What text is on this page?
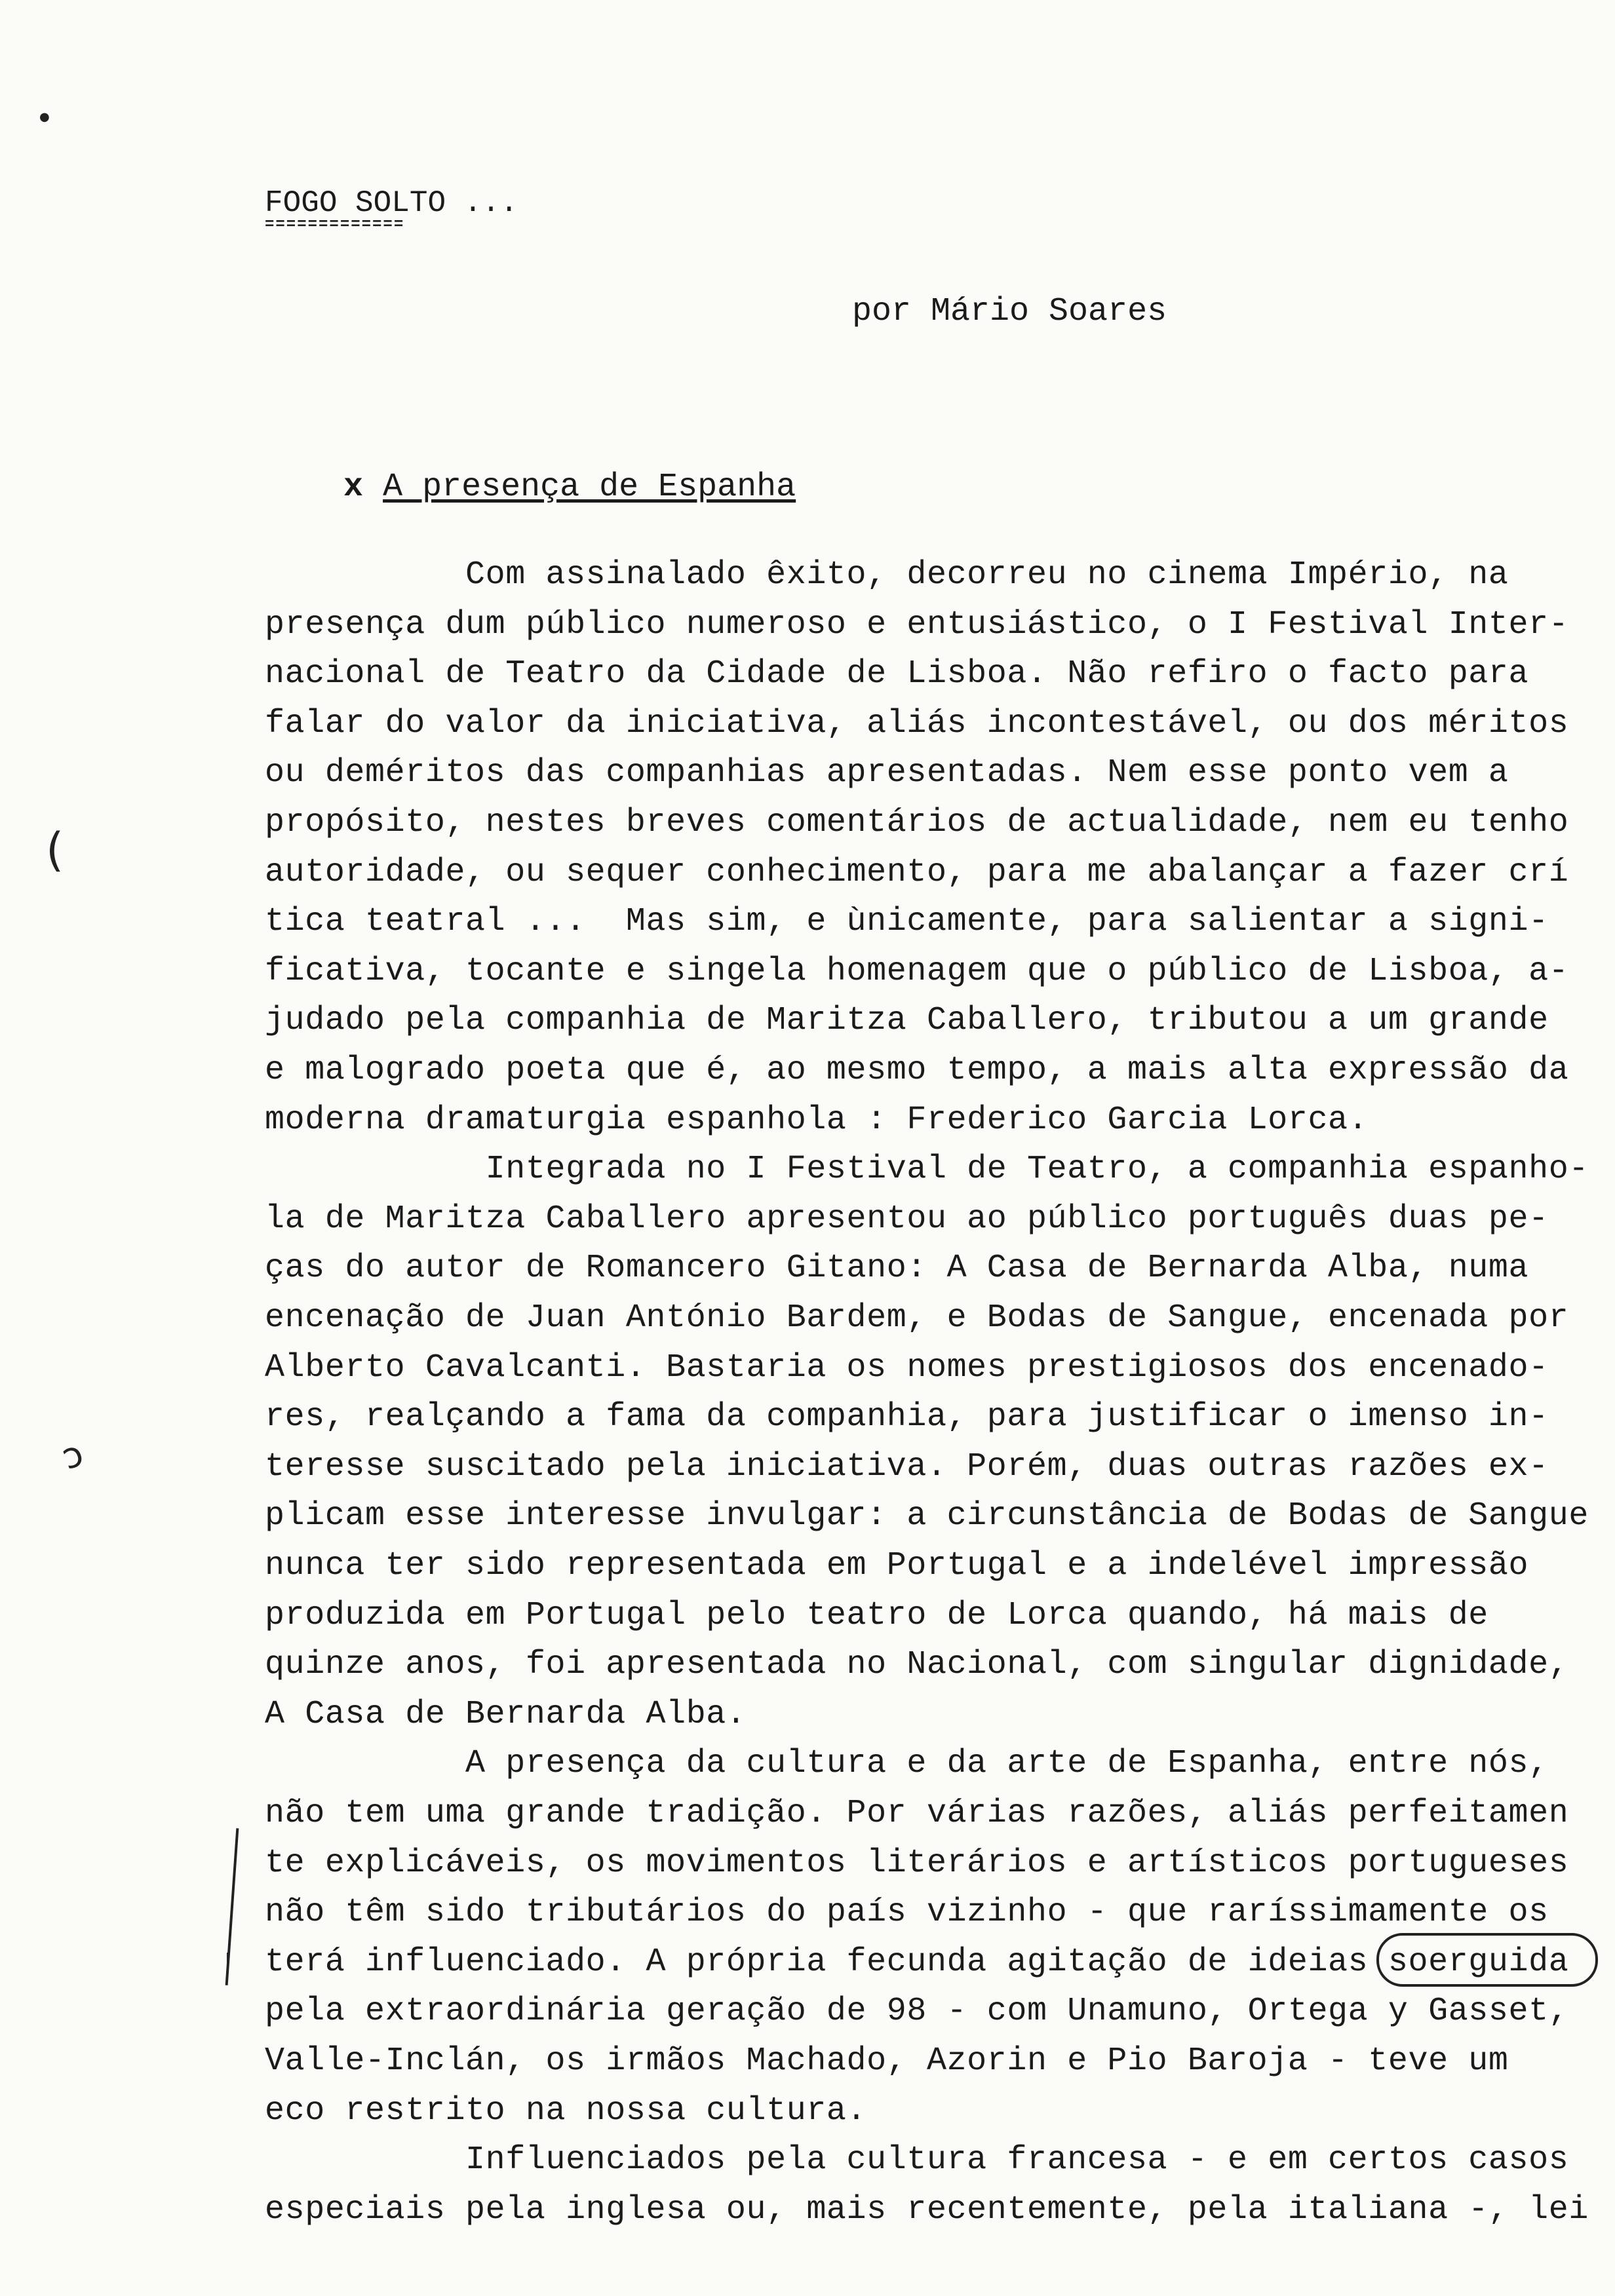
FOGO SOLTO ...
=============
por Mário Soares

x A presença de Espanha

Com assinalado êxito, decorreu no cinema Império, na
presença dum público numeroso e entusiástico, o I Festival Inter-
nacional de Teatro da Cidade de Lisboa. Não refiro o facto para
falar do valor da iniciativa, aliás incontestável, ou dos méritos
ou deméritos das companhias apresentadas. Nem esse ponto vem a
propósito, nestes breves comentários de actualidade, nem eu tenho
autoridade, ou sequer conhecimento, para me abalançar a fazer crí
tica teatral ...  Mas sim, e ùnicamente, para salientar a signi-
ficativa, tocante e singela homenagem que o público de Lisboa, a-
judado pela companhia de Maritza Caballero, tributou a um grande
e malogrado poeta que é, ao mesmo tempo, a mais alta expressão da
moderna dramaturgia espanhola : Frederico Garcia Lorca.
Integrada no I Festival de Teatro, a companhia espanho-
la de Maritza Caballero apresentou ao público português duas pe-
ças do autor de Romancero Gitano: A Casa de Bernarda Alba, numa
encenação de Juan António Bardem, e Bodas de Sangue, encenada por
Alberto Cavalcanti. Bastaria os nomes prestigiosos dos encenado-
res, realçando a fama da companhia, para justificar o imenso in-
teresse suscitado pela iniciativa. Porém, duas outras razões ex-
plicam esse interesse invulgar: a circunstância de Bodas de Sangue
nunca ter sido representada em Portugal e a indelével impressão
produzida em Portugal pelo teatro de Lorca quando, há mais de
quinze anos, foi apresentada no Nacional, com singular dignidade,
A Casa de Bernarda Alba.
A presença da cultura e da arte de Espanha, entre nós,
não tem uma grande tradição. Por várias razões, aliás perfeitamen
te explicáveis, os movimentos literários e artísticos portugueses
não têm sido tributários do país vizinho - que raríssimamente os
terá influenciado. A própria fecunda agitação de ideias soerguida
pela extraordinária geração de 98 - com Unamuno, Ortega y Gasset,
Valle-Inclán, os irmãos Machado, Azorin e Pio Baroja - teve um
eco restrito na nossa cultura.
Influenciados pela cultura francesa - e em certos casos
especiais pela inglesa ou, mais recentemente, pela italiana -, lei
(
ↄ
●
